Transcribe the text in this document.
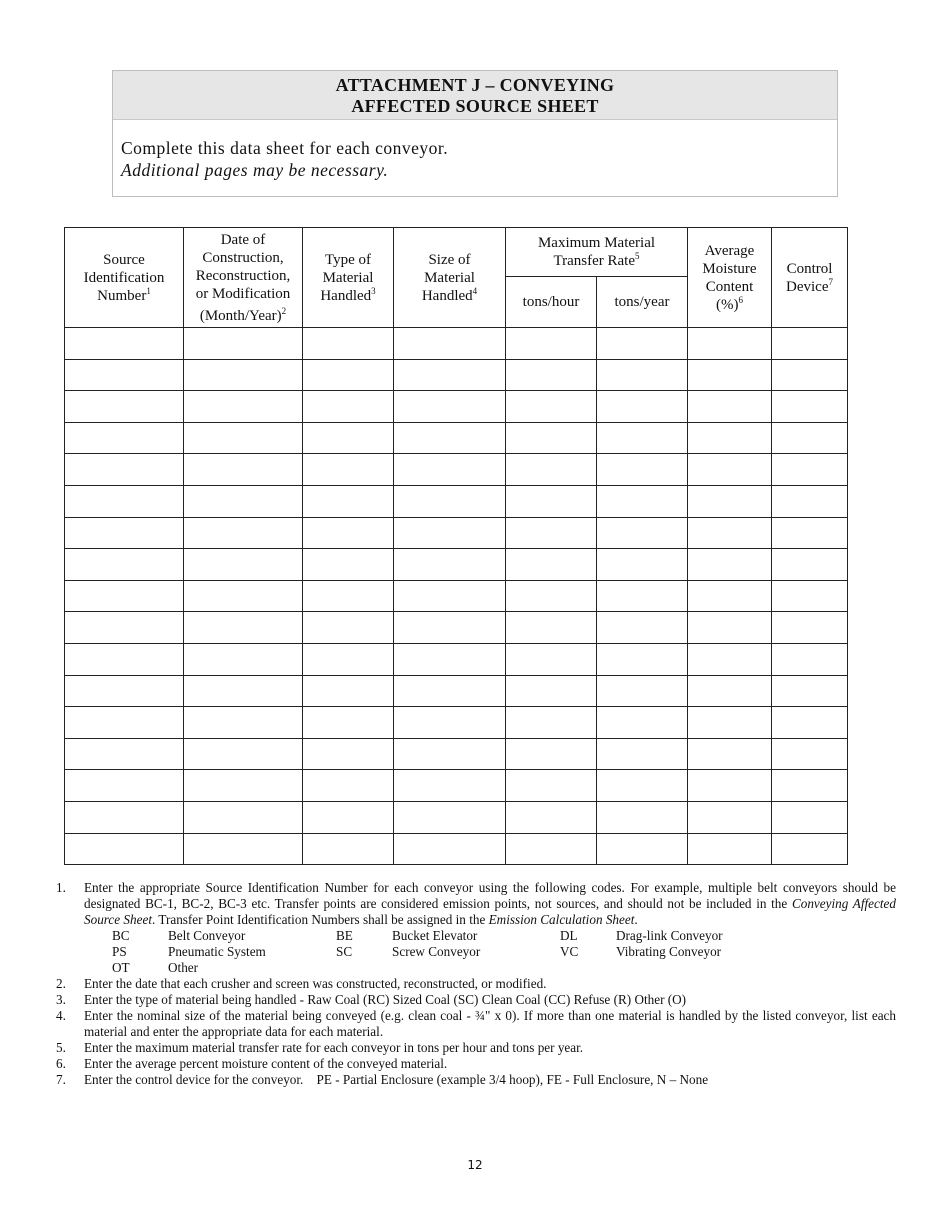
ATTACHMENT J – CONVEYING
AFFECTED SOURCE SHEET
Complete this data sheet for each conveyor.
Additional pages may be necessary.
Source
Identification
Number$^1$	Date of
Construction,
Reconstruction,
or Modification
(Month/Year)$^2$	Type of
Material
Handled$^3$	Size of
Material
Handled$^4$	Maximum Material
Transfer Rate$^5$		Average
Moisture
Content
(%)$^6$	Control
Device$^7$
				tons/hour	tons/year		

1.	Enter the appropriate Source Identification Number for each conveyor using the following codes. For example, multiple belt conveyors should be designated BC-1, BC-2, BC-3 etc. Transfer points are considered emission points, not sources, and should not be included in the Conveying Affected Source Sheet. Transfer Point Identification Numbers shall be assigned in the Emission Calculation Sheet.
BC	Belt Conveyor	BE	Bucket Elevator	DL	Drag-link Conveyor
PS	Pneumatic System	SC	Screw Conveyor	VC	Vibrating Conveyor
OT	Other
2.	Enter the date that each crusher and screen was constructed, reconstructed, or modified.
3.	Enter the type of material being handled - Raw Coal (RC) Sized Coal (SC) Clean Coal (CC) Refuse (R) Other (O)
4.	Enter the nominal size of the material being conveyed (e.g. clean coal - ¾" x 0). If more than one material is handled by the listed conveyor, list each material and enter the appropriate data for each material.
5.	Enter the maximum material transfer rate for each conveyor in tons per hour and tons per year.
6.	Enter the average percent moisture content of the conveyed material.
7.	Enter the control device for the conveyor.    PE - Partial Enclosure (example 3/4 hoop), FE - Full Enclosure, N – None
12
